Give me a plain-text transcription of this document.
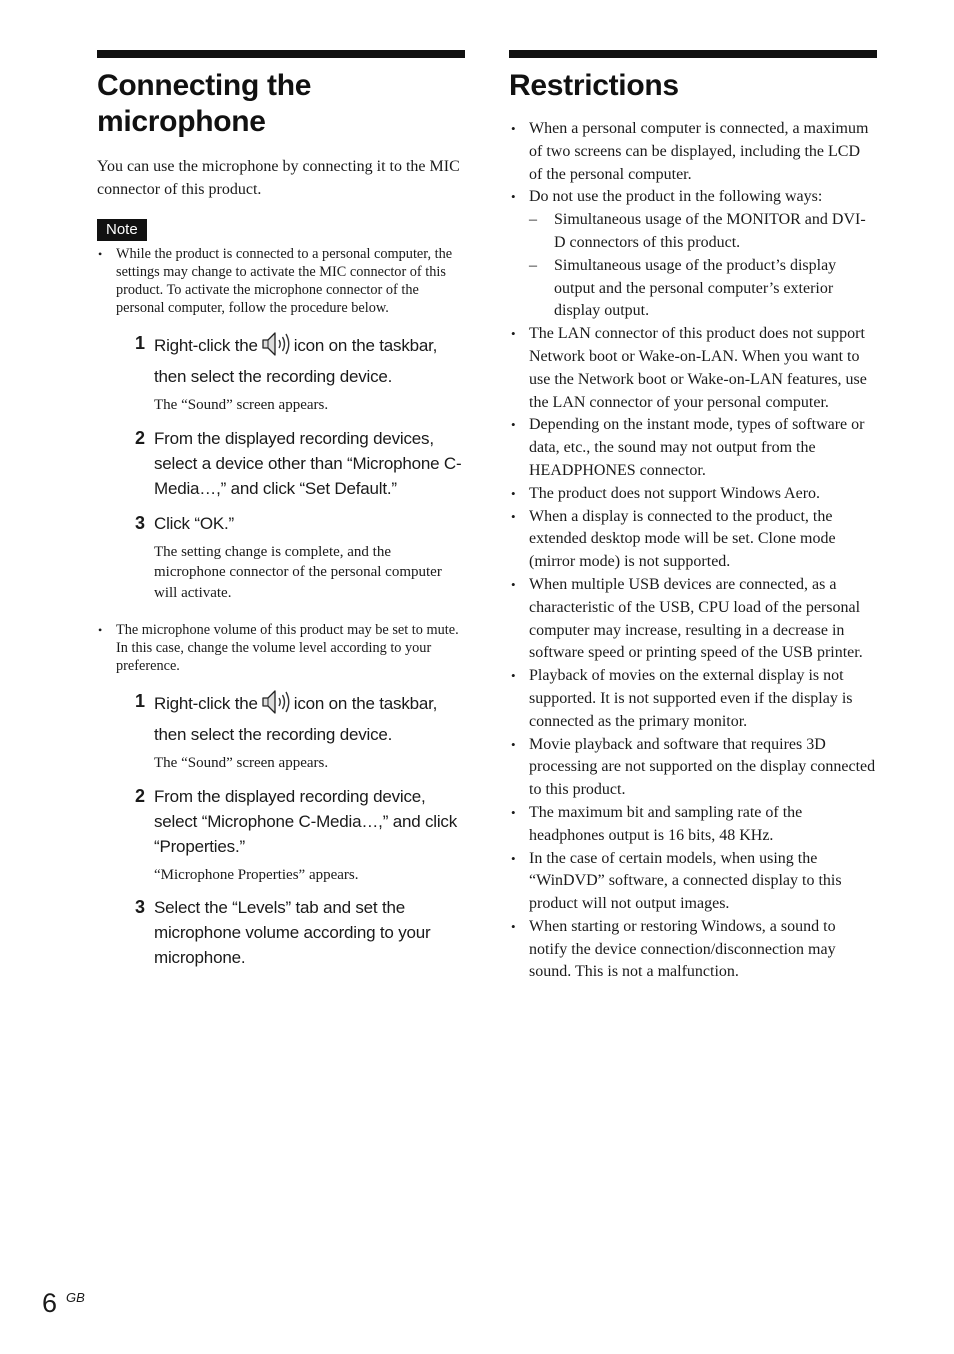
Connecting the microphone
You can use the microphone by connecting it to the MIC connector of this product.
Note
• While the product is connected to a personal computer, the settings may change to activate the MIC connector of this product. To activate the microphone connector of the personal computer, follow the procedure below.
1 Right-click the icon on the taskbar, then select the recording device.
The “Sound” screen appears.
2 From the displayed recording devices, select a device other than “Microphone C-Media…,” and click “Set Default.”
3 Click “OK.”
The setting change is complete, and the microphone connector of the personal computer will activate.
• The microphone volume of this product may be set to mute. In this case, change the volume level according to your preference.
1 Right-click the icon on the taskbar, then select the recording device.
The “Sound” screen appears.
2 From the displayed recording device, select “Microphone C-Media…,” and click “Properties.”
“Microphone Properties” appears.
3 Select the “Levels” tab and set the microphone volume according to your microphone.
Restrictions
• When a personal computer is connected, a maximum of two screens can be displayed, including the LCD of the personal computer.
• Do not use the product in the following ways:
– Simultaneous usage of the MONITOR and DVI-D connectors of this product.
– Simultaneous usage of the product’s display output and the personal computer’s exterior display output.
• The LAN connector of this product does not support Network boot or Wake-on-LAN. When you want to use the Network boot or Wake-on-LAN features, use the LAN connector of your personal computer.
• Depending on the instant mode, types of software or data, etc., the sound may not output from the HEADPHONES connector.
• The product does not support Windows Aero.
• When a display is connected to the product, the extended desktop mode will be set. Clone mode (mirror mode) is not supported.
• When multiple USB devices are connected, as a characteristic of the USB, CPU load of the personal computer may increase, resulting in a decrease in software speed or printing speed of the USB printer.
• Playback of movies on the external display is not supported. It is not supported even if the display is connected as the primary monitor.
• Movie playback and software that requires 3D processing are not supported on the display connected to this product.
• The maximum bit and sampling rate of the headphones output is 16 bits, 48 KHz.
• In the case of certain models, when using the “WinDVD” software, a connected display to this product will not output images.
• When starting or restoring Windows, a sound to notify the device connection/disconnection may sound. This is not a malfunction.
6 GB
